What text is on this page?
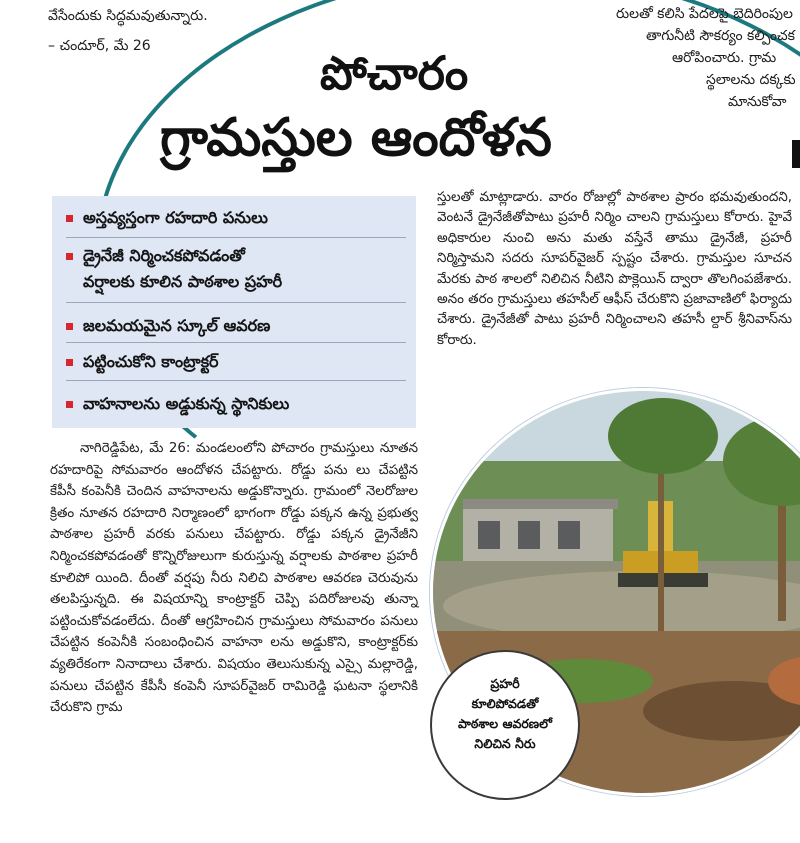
వేసేందుకు సిద్ధమవుతున్నారు.
– చందూర్, మే 26
రులతో కలిసి పేదలపై బెదిరింపుల
తాగునీటి సౌకర్యం కల్పించక
ఆరోపించారు. గ్రామ
స్థలాలను దక్కకు
మానుకోవా
పోచారం
గ్రామస్తుల ఆందోళన
అస్తవ్యస్తంగా రహదారి పనులు
డ్రైనేజీ నిర్మించకపోవడంతో
వర్షాలకు కూలిన పాఠశాల ప్రహరీ
జలమయమైన స్కూల్ ఆవరణ
పట్టించుకోని కాంట్రాక్టర్
వాహనాలను అడ్డుకున్న స్థానికులు

నాగిరెడ్డిపేట, మే 26: మండలంలోని పోచారం గ్రామస్తులు నూతన రహదారిపై సోమవారం ఆందోళన చేపట్టారు. రోడ్డు పను లు చేపట్టిన కేపీసీ కంపెనీకి చెందిన వాహనాలను అడ్డుకొన్నారు. గ్రామంలో నెలరోజుల క్రితం నూతన రహదారి నిర్మాణంలో భాగంగా రోడ్డు పక్కన ఉన్న ప్రభుత్వ పాఠశాల ప్రహరీ వరకు పనులు చేపట్టారు. రోడ్డు పక్కన డ్రైనేజీని నిర్మించకపోవడంతో కొన్నిరోజులుగా కురుస్తున్న వర్షాలకు పాఠశాల ప్రహరీ కూలిపో యింది. దీంతో వర్షపు నీరు నిలిచి పాఠశాల ఆవరణ చెరువును తలపిస్తున్నది. ఈ విషయాన్ని కాంట్రాక్టర్ చెప్పి పదిరోజులవు తున్నా పట్టించుకోవడంలేదు. దీంతో ఆగ్రహించిన గ్రామస్తులు సోమవారం పనులు చేపట్టిన కంపెనీకి సంబంధించిన వాహనా లను అడ్డుకొని, కాంట్రాక్టర్‌కు వ్యతిరేకంగా నినాదాలు చేశారు. విషయం తెలుసుకున్న ఎస్సై మల్లారెడ్డి, పనులు చేపట్టిన కేపీసీ కంపెనీ సూపర్‌వైజర్ రామిరెడ్డి ఘటనా స్థలానికి చేరుకొని గ్రామ

స్తులతో మాట్లాడారు. వారం రోజుల్లో పాఠశాల ప్రారం భమవుతుందని, వెంటనే డ్రైనేజీతోపాటు ప్రహరీ నిర్మిం చాలని గ్రామస్తులు కోరారు. హైవే అధికారుల నుంచి అను మతు వస్తేనే తాము డ్రైనేజీ, ప్రహరీ నిర్మిస్తామని సదరు సూపర్‌వైజర్ స్పష్టం చేశారు. గ్రామస్తుల సూచన మేరకు పాఠ శాలలో నిలిచిన నీటిని పొక్లెయిన్ ద్వారా తొలగింపజేశారు. అనం తరం గ్రామస్తులు తహసీల్ ఆఫీస్ చేరుకొని ప్రజావాణిలో ఫిర్యాదు చేశారు. డ్రైనేజీతో పాటు ప్రహరీ నిర్మించాలని తహసీ ల్దార్ శ్రీనివాస్‌ను కోరారు.

ప్రహరీ
కూలిపోవడతో
పాఠశాల ఆవరణలో
నిలిచిన నీరు
